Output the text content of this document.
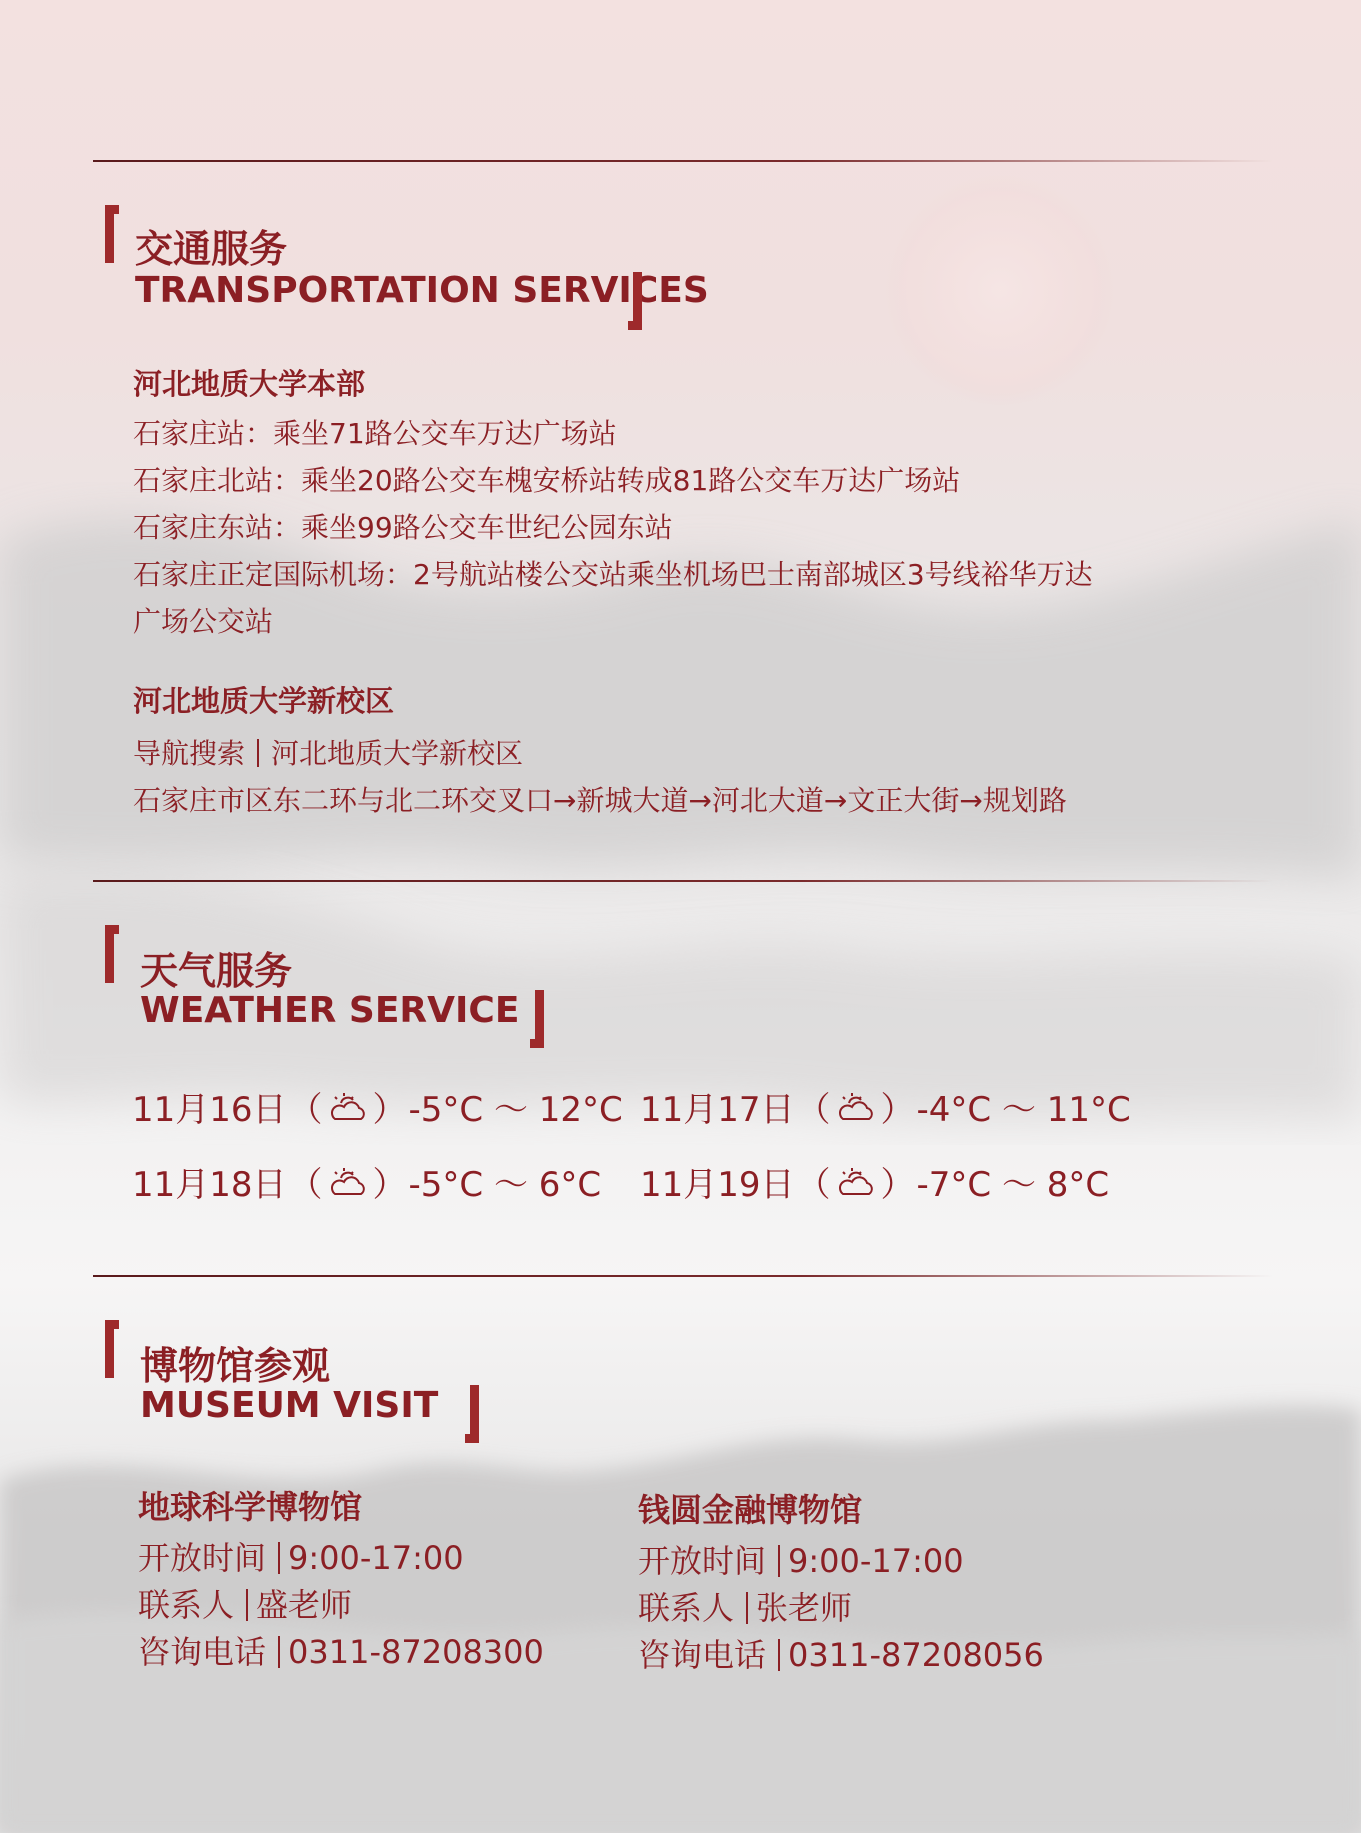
交通服务
TRANSPORTATION SERVICES
河北地质大学本部
石家庄站：乘坐71路公交车万达广场站
石家庄北站：乘坐20路公交车槐安桥站转成81路公交车万达广场站
石家庄东站：乘坐99路公交车世纪公园东站
石家庄正定国际机场：2号航站楼公交站乘坐机场巴士南部城区3号线裕华万达
广场公交站
河北地质大学新校区
导航搜索 河北地质大学新校区
石家庄市区东二环与北二环交叉口→新城大道→河北大道→文正大街→规划路
天气服务
WEATHER SERVICE
11月16日 （ ） -5°C ～ 12°C 11月17日 （ ） -4°C ～ 11°C
11月18日 （ ） -5°C ～ 6°C 11月19日 （ ） -7°C ～ 8°C
博物馆参观
MUSEUM VISIT
地球科学博物馆
开放时间 9:00-17:00
联系人 盛老师
咨询电话 0311-87208300
钱圆金融博物馆
开放时间 9:00-17:00
联系人 张老师
咨询电话 0311-87208056
